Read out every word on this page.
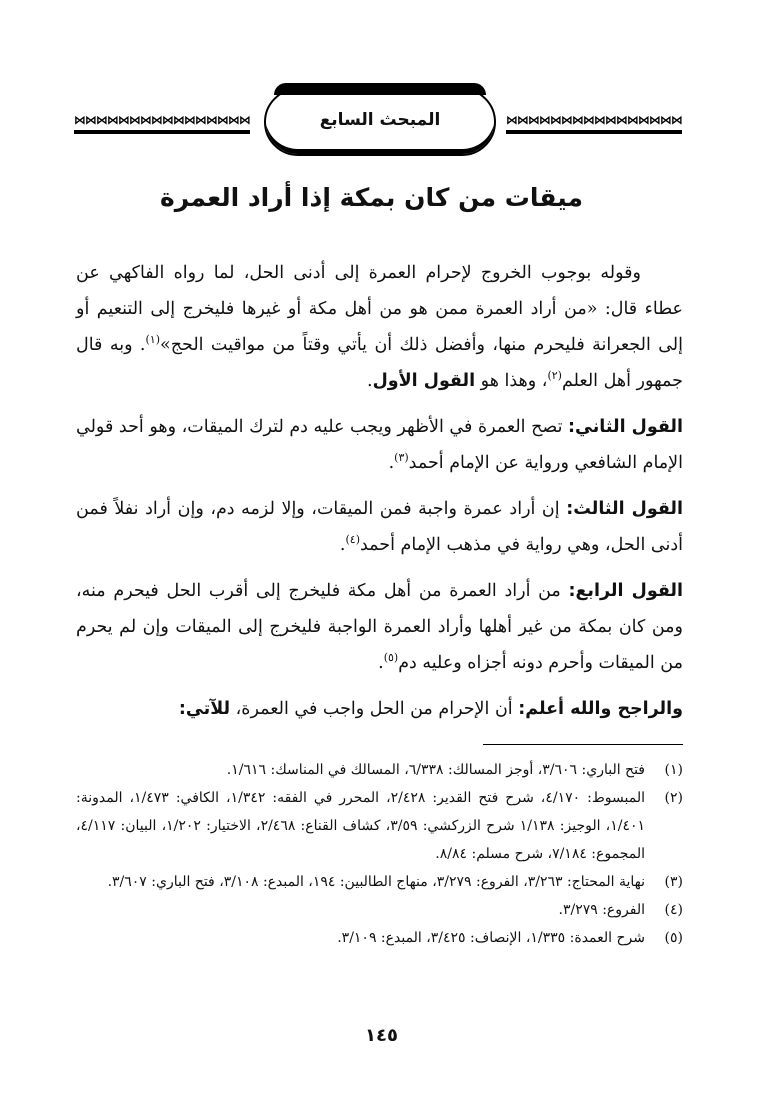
⋈⋈⋈⋈⋈⋈⋈⋈⋈⋈⋈⋈⋈⋈⋈⋈	المبحث السابع	⋈⋈⋈⋈⋈⋈⋈⋈⋈⋈⋈⋈⋈⋈⋈⋈
ميقات من كان بمكة إذا أراد العمرة

وقوله بوجوب الخروج لإحرام العمرة إلى أدنى الحل، لما رواه الفاكهي عن عطاء قال: «من أراد العمرة ممن هو من أهل مكة أو غيرها فليخرج إلى التنعيم أو إلى الجعرانة فليحرم منها، وأفضل ذلك أن يأتي وقتاً من مواقيت الحج»$^{(١)}$. وبه قال جمهور أهل العلم$^{(٢)}$، وهذا هو القول الأول.

القول الثاني: تصح العمرة في الأظهر ويجب عليه دم لترك الميقات، وهو أحد قولي الإمام الشافعي ورواية عن الإمام أحمد$^{(٣)}$.

القول الثالث: إن أراد عمرة واجبة فمن الميقات، وإلا لزمه دم، وإن أراد نفلاً فمن أدنى الحل، وهي رواية في مذهب الإمام أحمد$^{(٤)}$.

القول الرابع: من أراد العمرة من أهل مكة فليخرج إلى أقرب الحل فيحرم منه، ومن كان بمكة من غير أهلها وأراد العمرة الواجبة فليخرج إلى الميقات وإن لم يحرم من الميقات وأحرم دونه أجزاه وعليه دم$^{(٥)}$.

والراجح والله أعلم: أن الإحرام من الحل واجب في العمرة، للآتي:

(١)
فتح الباري: ٣/٦٠٦، أوجز المسالك: ٦/٣٣٨، المسالك في المناسك: ١/٦١٦.
(٢)
المبسوط: ٤/١٧٠، شرح فتح القدير: ٢/٤٢٨، المحرر في الفقه: ١/٣٤٢، الكافي: ١/٤٧٣، المدونة: ١/٤٠١، الوجيز: ١/١٣٨ شرح الزركشي: ٣/٥٩، كشاف القناع: ٢/٤٦٨، الاختيار: ١/٢٠٢، البيان: ٤/١١٧، المجموع: ٧/١٨٤، شرح مسلم: ٨/٨٤.
(٣)
نهاية المحتاج: ٣/٢٦٣، الفروع: ٣/٢٧٩، منهاج الطالبين: ١٩٤، المبدع: ٣/١٠٨، فتح الباري: ٣/٦٠٧.
(٤)
الفروع: ٣/٢٧٩.
(٥)
شرح العمدة: ١/٣٣٥، الإنصاف: ٣/٤٢٥، المبدع: ٣/١٠٩.
١٤٥
